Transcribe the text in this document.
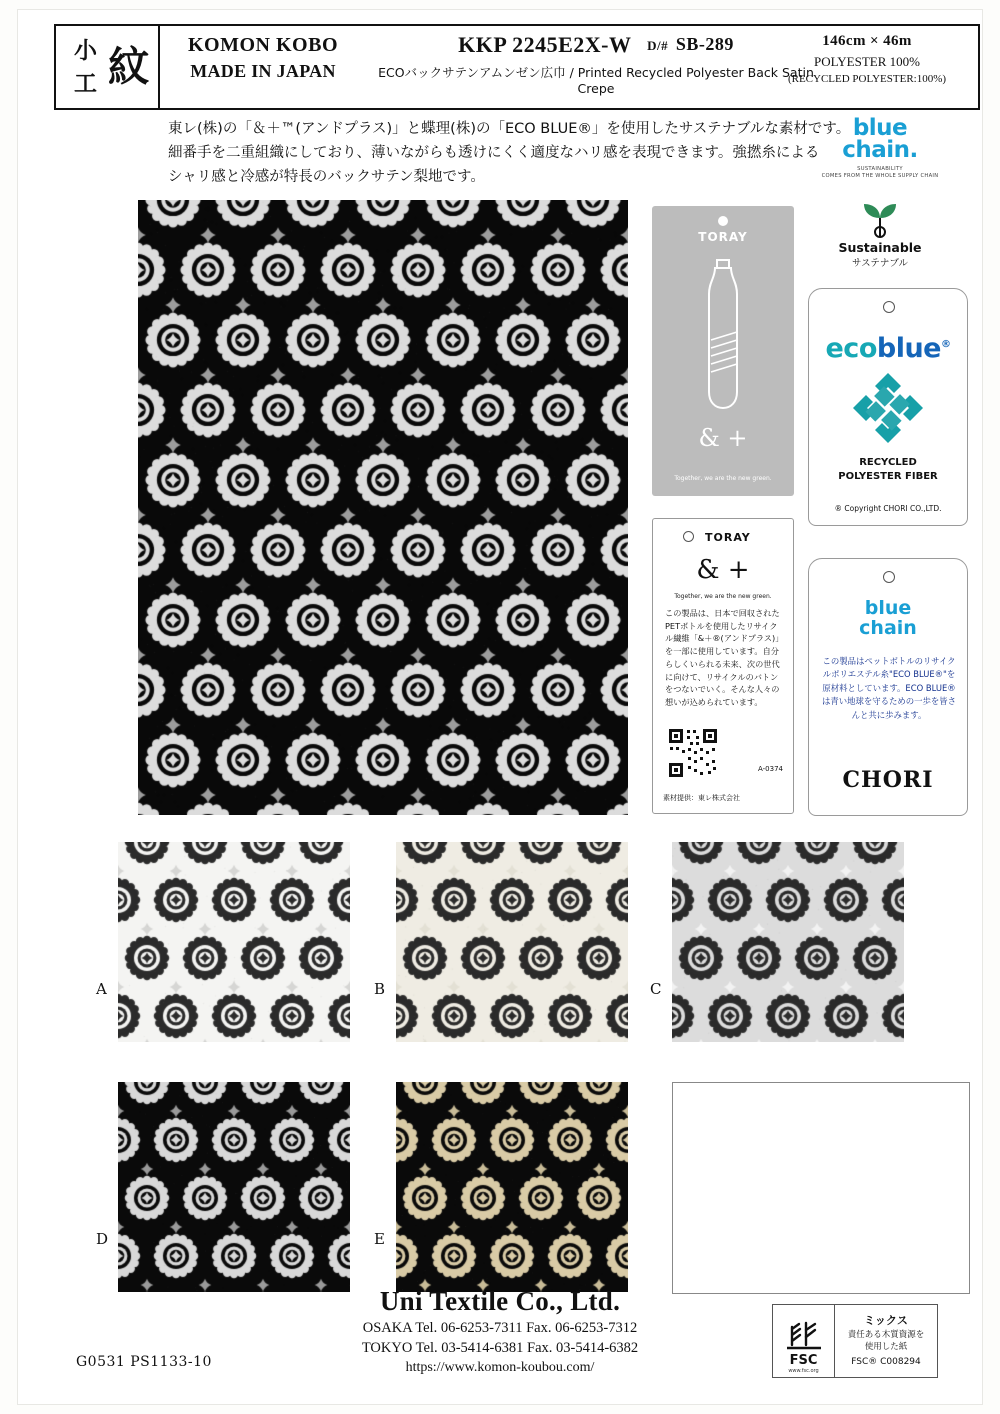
小 紋
工
KOMON KOBO
MADE IN JAPAN
KKP 2245E2X-W D/# SB-289
ECOバックサテンアムンゼン広巾 / Printed Recycled Polyester Back Satin Crepe
146cm × 46m
POLYESTER 100%
(RECYCLED POLYESTER:100%)
東レ(株)の「＆＋™(アンドプラス)」と蝶理(株)の「ECO BLUE®」を使用したサステナブルな素材です。
細番手を二重組織にしており、薄いながらも透けにくく適度なハリ感を表現できます。強撚糸による
シャリ感と冷感が特長のバックサテン梨地です。
blue
chain.
SUSTAINABILITY
COMES FROM THE WHOLE SUPPLY CHAIN
Sustainable
サステナブル
TORAY
& +
Together, we are the new green.
TORAY
& +
Together, we are the new green.
この製品は、日本で回収されたPETボトルを使用したリサイクル繊維「&＋®(アンドプラス)」を一部に使用しています。自分らしくいられる未来、次の世代に向けて、リサイクルのバトンをつないでいく。そんな人々の想いが込められています。
A-0374
素材提供：東レ株式会社
ecoblue®
RECYCLED
POLYESTER FIBER
® Copyright CHORI CO.,LTD.
blue
chain
この製品はペットボトルのリサイクルポリエステル糸"ECO BLUE®"を原材料としています。ECO BLUE®は青い地球を守るための一歩を皆さんと共に歩みます。
CHORI
A	B	C
D	E
Uni Textile Co., Ltd.
OSAKA Tel. 06-6253-7311 Fax. 06-6253-7312
TOKYO Tel. 03-5414-6381 Fax. 03-5414-6382
https://www.komon-koubou.com/
G0531 PS1133-10	FSC
www.fsc.org
ミックス
責任ある木質資源を
使用した紙
FSC® C008294
